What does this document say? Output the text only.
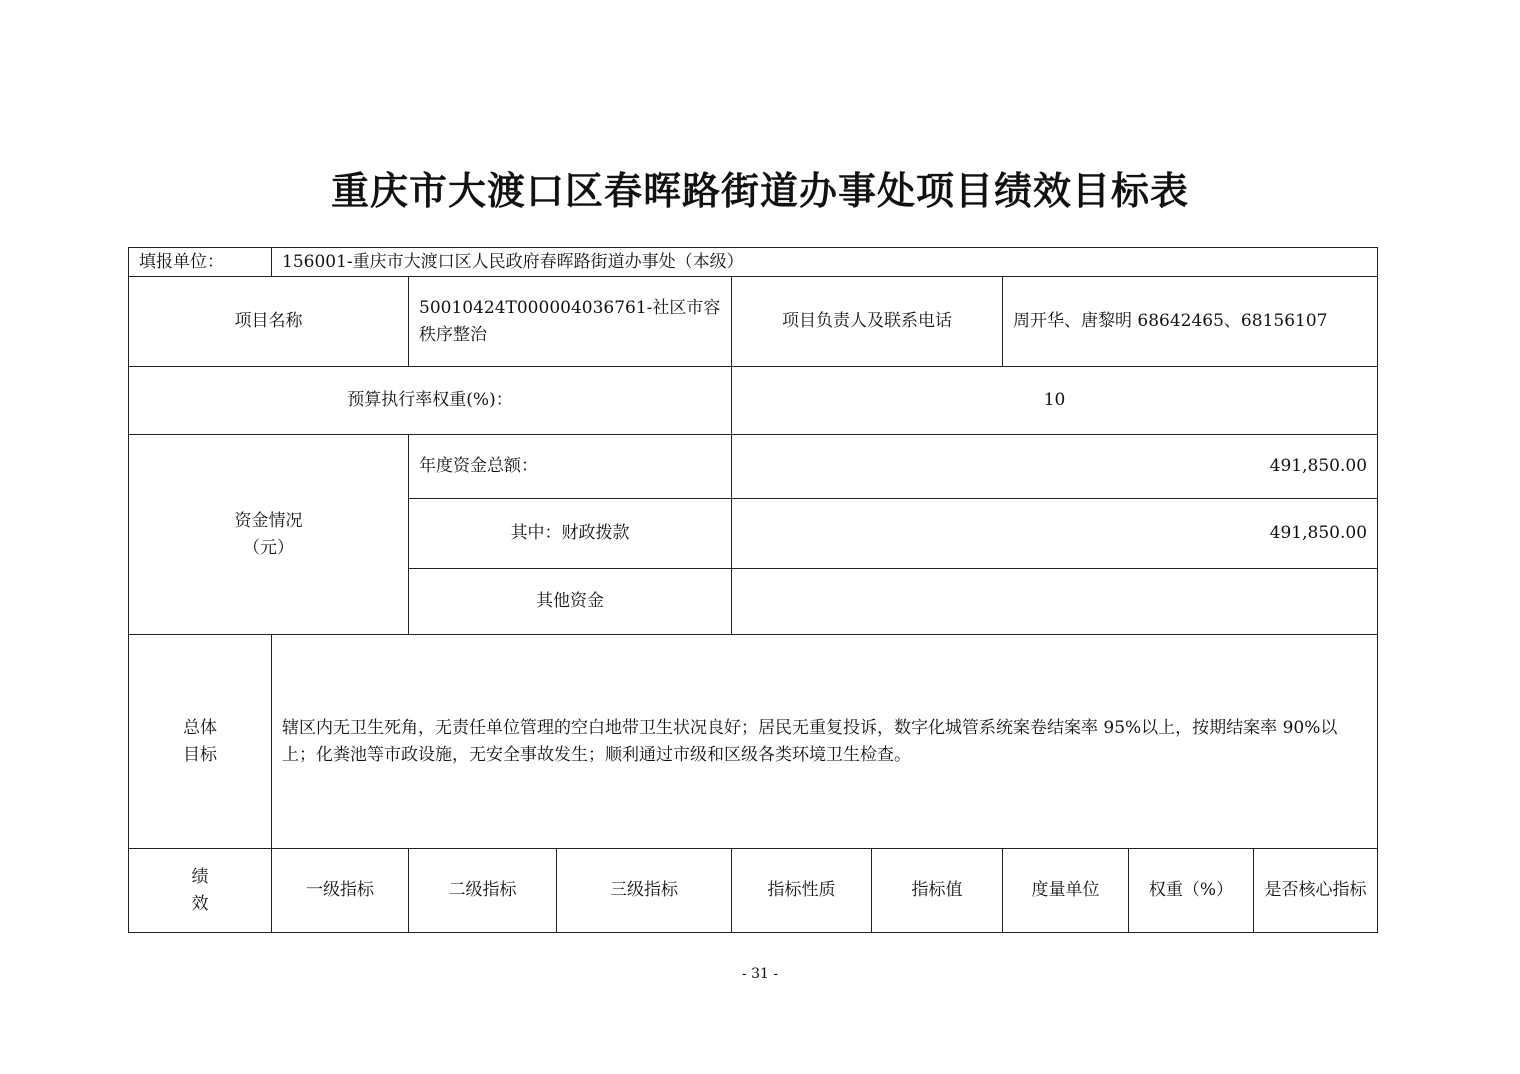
重庆市大渡口区春晖路街道办事处项目绩效目标表
填报单位：	156001-重庆市大渡口区人民政府春晖路街道办事处（本级）							
项目名称		50010424T000004036761-社区市容秩序整治		项目负责人及联系电话		周开华、唐黎明 68642465、68156107		
预算执行率权重(%)：				10				

资金情况
（元）		年度资金总额：		491,850.00				
		其中：财政拨款		491,850.00				
		其他资金						

总体
目标	辖区内无卫生死角，无责任单位管理的空白地带卫生状况良好；居民无重复投诉，数字化城管系统案卷结案率 95%以上，按期结案率 90%以上；化粪池等市政设施，无安全事故发生；顺利通过市级和区级各类环境卫生检查。							

绩
效	一级指标	二级指标	三级指标	指标性质	指标值	度量单位	权重（%）	是否核心指标
- 31 -
